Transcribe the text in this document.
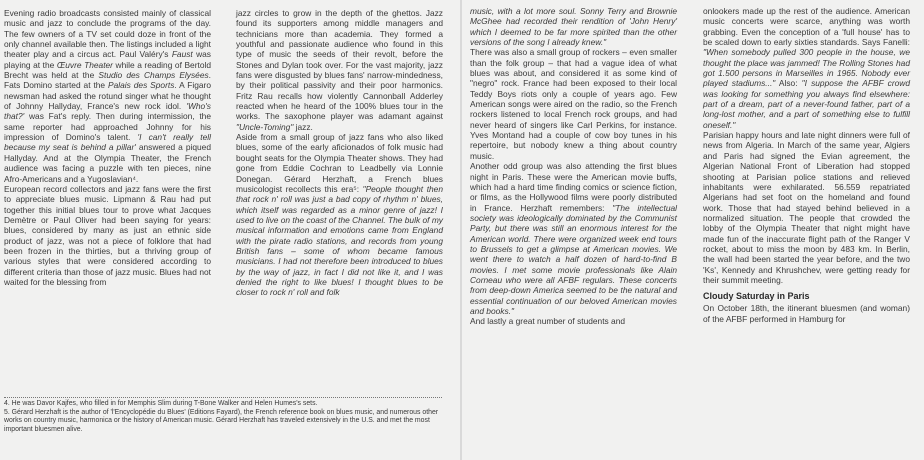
Evening radio broadcasts consisted mainly of classical music and jazz to conclude the programs of the day. The few owners of a TV set could doze in front of the only channel available then. The listings included a light theater play and a circus act. Paul Valéry's Faust was playing at the Œuvre Theater while a reading of Bertold Brecht was held at the Studio des Champs Elysées. Fats Domino started at the Palais des Sports. A Figaro newsman had asked the rotund singer what he thought of Johnny Hallyday, France's new rock idol. 'Who's that?' was Fat's reply. Then during intermission, the same reporter had approached Johnny for his impression of Domino's talent. 'I can't really tell because my seat is behind a pillar' answered a piqued Hallyday. And at the Olympia Theater, the French audience was facing a puzzle with ten pieces, nine Afro-Americans and a Yugoslavian⁴.

European record collectors and jazz fans were the first to appreciate blues music. Lipmann & Rau had put together this initial blues tour to prove what Jacques Demètre or Paul Oliver had been saying for years: blues, considered by many as just an ethnic side product of jazz, was not a piece of folklore that had been frozen in the thirties, but a thriving group of various styles that were considered according to different criteria than those of jazz music. Blues had not waited for the blessing from

jazz circles to grow in the depth of the ghettos. Jazz found its supporters among middle managers and technicians more than academia. They formed a youthful and passionate audience who found in this type of music the seeds of their revolt, before the Stones and Dylan took over. For the vast majority, jazz fans were disgusted by blues fans' narrow-mindedness, by their political passivity and their poor harmonics. Fritz Rau recalls how violently Cannonball Adderley reacted when he heard of the 100% blues tour in the works. The saxophone player was adamant against "Uncle-Toming" jazz.

Aside from a small group of jazz fans who also liked blues, some of the early aficionados of folk music had bought seats for the Olympia Theater shows. They had gone from Eddie Cochran to Leadbelly via Lonnie Donegan. Gérard Herzhaft, a French blues musicologist recollects this era⁵: "People thought then that rock n' roll was just a bad copy of rhythm n' blues, which itself was regarded as a minor genre of jazz! I used to live on the coast of the Channel. The bulk of my musical information and emotions came from England with the pirate radio stations, and records from young British fans – some of whom became famous musicians. I had not therefore been introduced to blues by the way of jazz, in fact I did not like it, and I was denied the right to like blues! I thought blues to be closer to rock n' roll and folk

4. He was Davor Kajfes, who filled in for Memphis Slim during T-Bone Walker and Helen Humes's sets.

5. Gérard Herzhaft is the author of 'l'Encyclopédie du Blues' (Editions Fayard), the French reference book on blues music, and numerous other works on country music, harmonica or the history of American music. Gérard Herzhaft has traveled extensively in the U.S. and met the most important bluesmen alive.

music, with a lot more soul. Sonny Terry and Brownie McGhee had recorded their rendition of 'John Henry' which I deemed to be far more spirited than the other versions of the song I already knew."

There was also a small group of rockers – even smaller than the folk group – that had a vague idea of what blues was about, and considered it as some kind of "negro" rock. France had been exposed to their local Teddy Boys riots only a couple of years ago. Few American songs were aired on the radio, so the French rockers listened to local French rock groups, and had never heard of singers like Carl Perkins, for instance. Yves Montand had a couple of cow boy tunes in his repertoire, but nobody knew a thing about country music.

Another odd group was also attending the first blues night in Paris. These were the American movie buffs, which had a hard time finding comics or science fiction, or films, as the Hollywood films were poorly distributed in France. Herzhaft remembers: "The intellectual society was ideologically dominated by the Communist Party, but there was still an enormous interest for the American world. There were organized week end tours to Brussels to get a glimpse at American movies. We went there to watch a half dozen of hard-to-find B movies. I met some movie professionals like Alain Corneau who were all AFBF regulars. These concerts from deep-down America seemed to be the natural and essential continuation of our beloved American movies and books."

And lastly a great number of students and

onlookers made up the rest of the audience. American music concerts were scarce, anything was worth grabbing. Even the conception of a 'full house' has to be scaled down to early sixties standards. Says Fanelli: "When somebody pulled 300 people in the house, we thought the place was jammed! The Rolling Stones had got 1.500 persons in Marseilles in 1965. Nobody ever played stadiums..." Also: "I suppose the AFBF crowd was looking for something you always find elsewhere: part of a dream, part of a never-found father, part of a long-lost mother, and a part of something else to fulfill oneself."

Parisian happy hours and late night dinners were full of news from Algeria. In March of the same year, Algiers and Paris had signed the Evian agreement, the Algerian National Front of Liberation had stopped shooting at Parisian police stations and relieved inhabitants were exhilarated. 56.559 repatriated Algerians had set foot on the homeland and found work. Those that had stayed behind believed in a normalized situation. The people that crowded the lobby of the Olympia Theater that night might have made fun of the inaccurate flight path of the Ranger V rocket, about to miss the moon by 483 km. In Berlin, the wall had been started the year before, and the two 'Ks', Kennedy and Khrushchev, were getting ready for their summit meeting.

Cloudy Saturday in Paris

On October 18th, the itinerant bluesmen (and woman) of the AFBF performed in Hamburg for
